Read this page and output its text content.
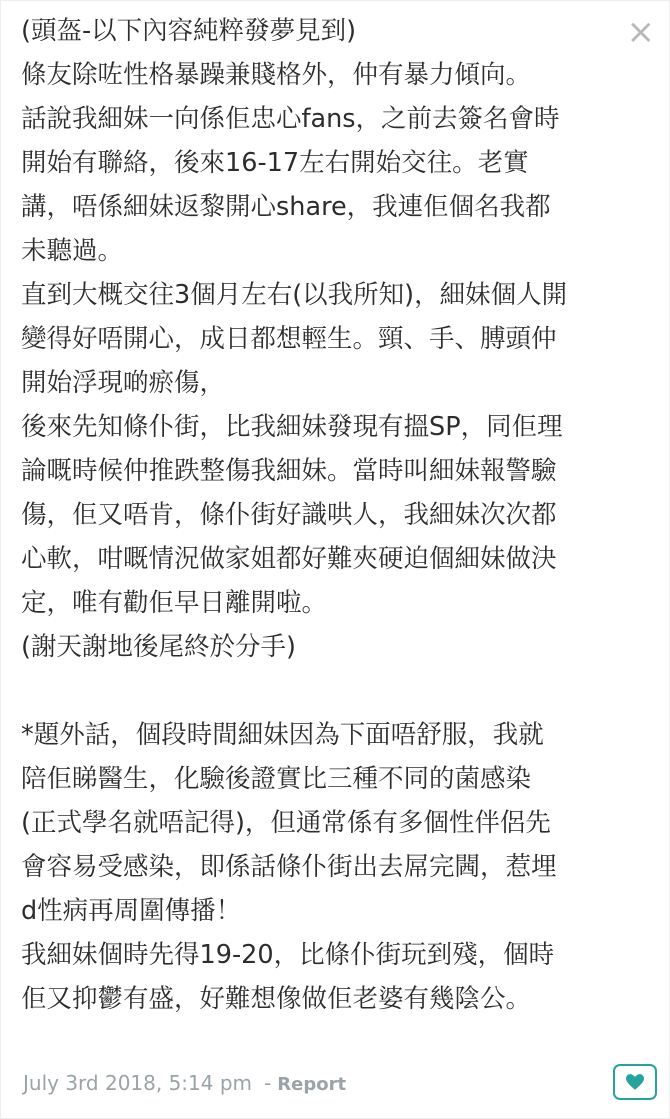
×
(頭盔-以下內容純粹發夢見到)
條友除咗性格暴躁兼賤格外，仲有暴力傾向。
話說我細妹一向係佢忠心fans，之前去簽名會時
開始有聯絡，後來16-17左右開始交往。老實
講，唔係細妹返黎開心share，我連佢個名我都
未聽過。
直到大概交往3個月左右(以我所知)，細妹個人開
變得好唔開心，成日都想輕生。頸、手、膊頭仲
開始浮現啲瘀傷，
後來先知條仆街，比我細妹發現有搵SP，同佢理
論嘅時候仲推跌整傷我細妹。當時叫細妹報警驗
傷，佢又唔肯，條仆街好識哄人，我細妹次次都
心軟，咁嘅情況做家姐都好難夾硬迫個細妹做決
定，唯有勸佢早日離開啦。
(謝天謝地後尾終於分手)
*題外話，個段時間細妹因為下面唔舒服，我就
陪佢睇醫生，化驗後證實比三種不同的菌感染
(正式學名就唔記得)，但通常係有多個性伴侶先
會容易受感染，即係話條仆街出去屌完閪，惹埋
d性病再周圍傳播！
我細妹個時先得19-20，比條仆街玩到殘，個時
佢又抑鬱有盛，好難想像做佢老婆有幾陰公。
July 3rd 2018, 5:14 pm - Report
